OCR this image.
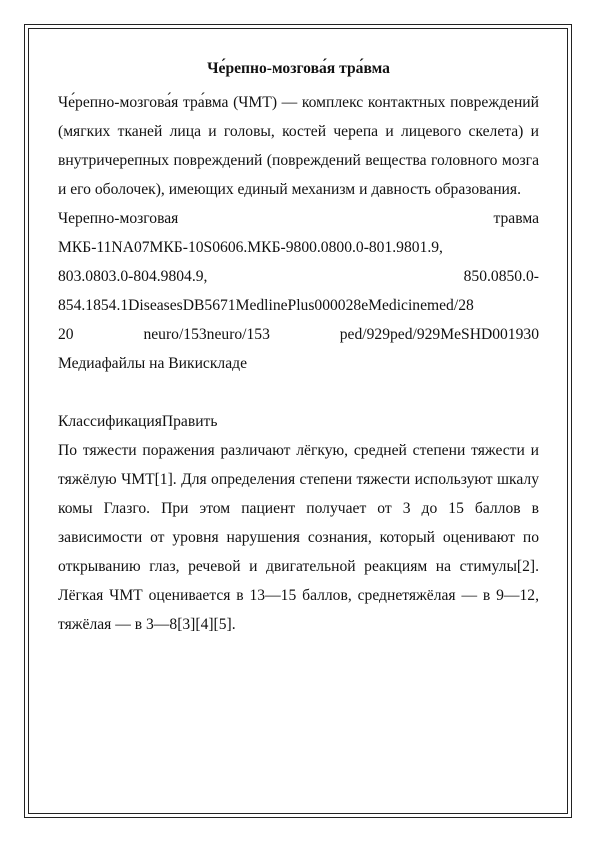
Че́репно-мозгова́я тра́вма

Че́репно-мозгова́я тра́вма (ЧМТ) — комплекс контактных повреждений (мягких тканей лица и головы, костей черепа и лицевого скелета) и внутричерепных повреждений (повреждений вещества головного мозга и его оболочек), имеющих единый механизм и давность образования.

Черепно-мозговая травма

МКБ-11NA07МКБ-10S0606.МКБ-9800.0800.0-801.9801.9,

803.0803.0-804.9804.9, 850.0850.0-

854.1854.1DiseasesDB5671MedlinePlus000028eMedicinemed/28

20 neuro/153neuro/153 ped/929ped/929MeSHD001930

Медиафайлы на Викискладе

КлассификацияПравить

По тяжести поражения различают лёгкую, средней степени тяжести и тяжёлую ЧМТ[1]. Для определения степени тяжести используют шкалу комы Глазго. При этом пациент получает от 3 до 15 баллов в зависимости от уровня нарушения сознания, который оценивают по открыванию глаз, речевой и двигательной реакциям на стимулы[2]. Лёгкая ЧМТ оценивается в 13—15 баллов, среднетяжёлая — в 9—12, тяжёлая — в 3—8[3][4][5].
